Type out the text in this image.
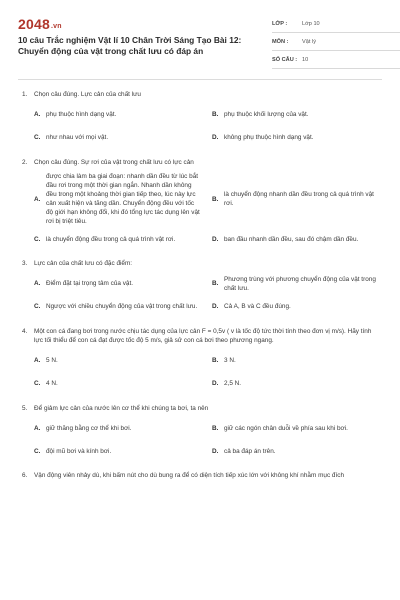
2048.vn
10 câu Trắc nghiệm Vật lí 10 Chân Trời Sáng Tạo Bài 12: Chuyển động của vật trong chất lưu có đáp án
LỚP :	Lớp 10
MÔN :	Vật lý
SỐ CÂU : 10
1.	Chọn câu đúng. Lực cản của chất lưu
A. phụ thuộc hình dạng vật.	B. phụ thuộc khối lượng của vật.
C. như nhau với mọi vật.	D. không phụ thuộc hình dạng vật.
2.	Chọn câu đúng. Sự rơi của vật trong chất lưu có lực cản
A.
được chia làm ba giai đoạn: nhanh dần đều từ lúc bắt đầu rơi trong một thời gian ngắn. Nhanh dần không đều trong một khoảng thời gian tiếp theo, lúc này lực cản xuất hiện và tăng dần. Chuyển động đều với tốc độ giới hạn không đổi, khi đó tổng lực tác dụng lên vật rơi bị triệt tiêu.
B.
là chuyển động nhanh dần đều trong cả quá trình vật rơi.
C. là chuyển động đều trong cả quá trình vật rơi.	D. ban đầu nhanh dần đều, sau đó chậm dần đều.
3.	Lực cản của chất lưu có đặc điểm:
A. Điểm đặt tại trọng tâm của vật.	B.
Phương trùng với phương chuyển động của vật trong chất lưu.
C. Ngược với chiều chuyển động của vật trong chất lưu.	D. Cả A, B và C đều đúng.
4.	Một con cá đang bơi trong nước chịu tác dụng của lực cản F = 0,5v ( v là tốc độ tức thời tính theo đơn vị m/s). Hãy tính lực tối thiểu để con cá đạt được tốc độ 5 m/s, giả sử con cá bơi theo phương ngang.
A. 5 N.	B. 3 N.
C. 4 N.	D. 2,5 N.
5.	Để giảm lực cản của nước lên cơ thể khi chúng ta bơi, ta nên
A. giữ thăng bằng cơ thể khi bơi.	B. giữ các ngón chân duỗi về phía sau khi bơi.
C. đội mũ bơi và kính bơi.	D. cả ba đáp án trên.
6.	Vận động viên nhảy dù, khi bấm nút cho dù bung ra để có diện tích tiếp xúc lớn với không khí nhằm mục đích
